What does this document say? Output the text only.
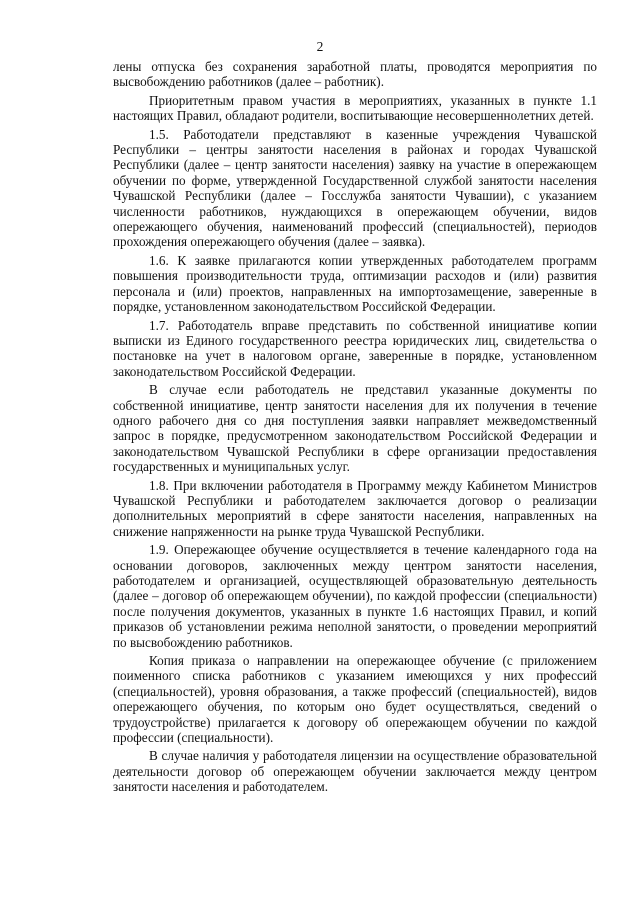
2

лены отпуска без сохранения заработной платы, проводятся мероприятия по высвобождению работников (далее – работник).

Приоритетным правом участия в мероприятиях, указанных в пункте 1.1 настоящих Правил, обладают родители, воспитывающие несовершеннолетних детей.

1.5. Работодатели представляют в казенные учреждения Чувашской Республики – центры занятости населения в районах и городах Чувашской Республики (далее – центр занятости населения) заявку на участие в опережающем обучении по форме, утвержденной Государственной службой занятости населения Чувашской Республики (далее – Госслужба занятости Чувашии), с указанием численности работников, нуждающихся в опережающем обучении, видов опережающего обучения, наименований профессий (специальностей), периодов прохождения опережающего обучения (далее – заявка).

1.6. К заявке прилагаются копии утвержденных работодателем программ повышения производительности труда, оптимизации расходов и (или) развития персонала и (или) проектов, направленных на импортозамещение, заверенные в порядке, установленном законодательством Российской Федерации.

1.7. Работодатель вправе представить по собственной инициативе копии выписки из Единого государственного реестра юридических лиц, свидетельства о постановке на учет в налоговом органе, заверенные в порядке, установленном законодательством Российской Федерации.

В случае если работодатель не представил указанные документы по собственной инициативе, центр занятости населения для их получения в течение одного рабочего дня со дня поступления заявки направляет межведомственный запрос в порядке, предусмотренном законодательством Российской Федерации и законодательством Чувашской Республики в сфере организации предоставления государственных и муниципальных услуг.

1.8. При включении работодателя в Программу между Кабинетом Министров Чувашской Республики и работодателем заключается договор о реализации дополнительных мероприятий в сфере занятости населения, направленных на снижение напряженности на рынке труда Чувашской Республики.

1.9. Опережающее обучение осуществляется в течение календарного года на основании договоров, заключенных между центром занятости населения, работодателем и организацией, осуществляющей образовательную деятельность (далее – договор об опережающем обучении), по каждой профессии (специальности) после получения документов, указанных в пункте 1.6 настоящих Правил, и копий приказов об установлении режима неполной занятости, о проведении мероприятий по высвобождению работников.

Копия приказа о направлении на опережающее обучение (с приложением поименного списка работников с указанием имеющихся у них профессий (специальностей), уровня образования, а также профессий (специальностей), видов опережающего обучения, по которым оно будет осуществляться, сведений о трудоустройстве) прилагается к договору об опережающем обучении по каждой профессии (специальности).

В случае наличия у работодателя лицензии на осуществление образовательной деятельности договор об опережающем обучении заключается между центром занятости населения и работодателем.
